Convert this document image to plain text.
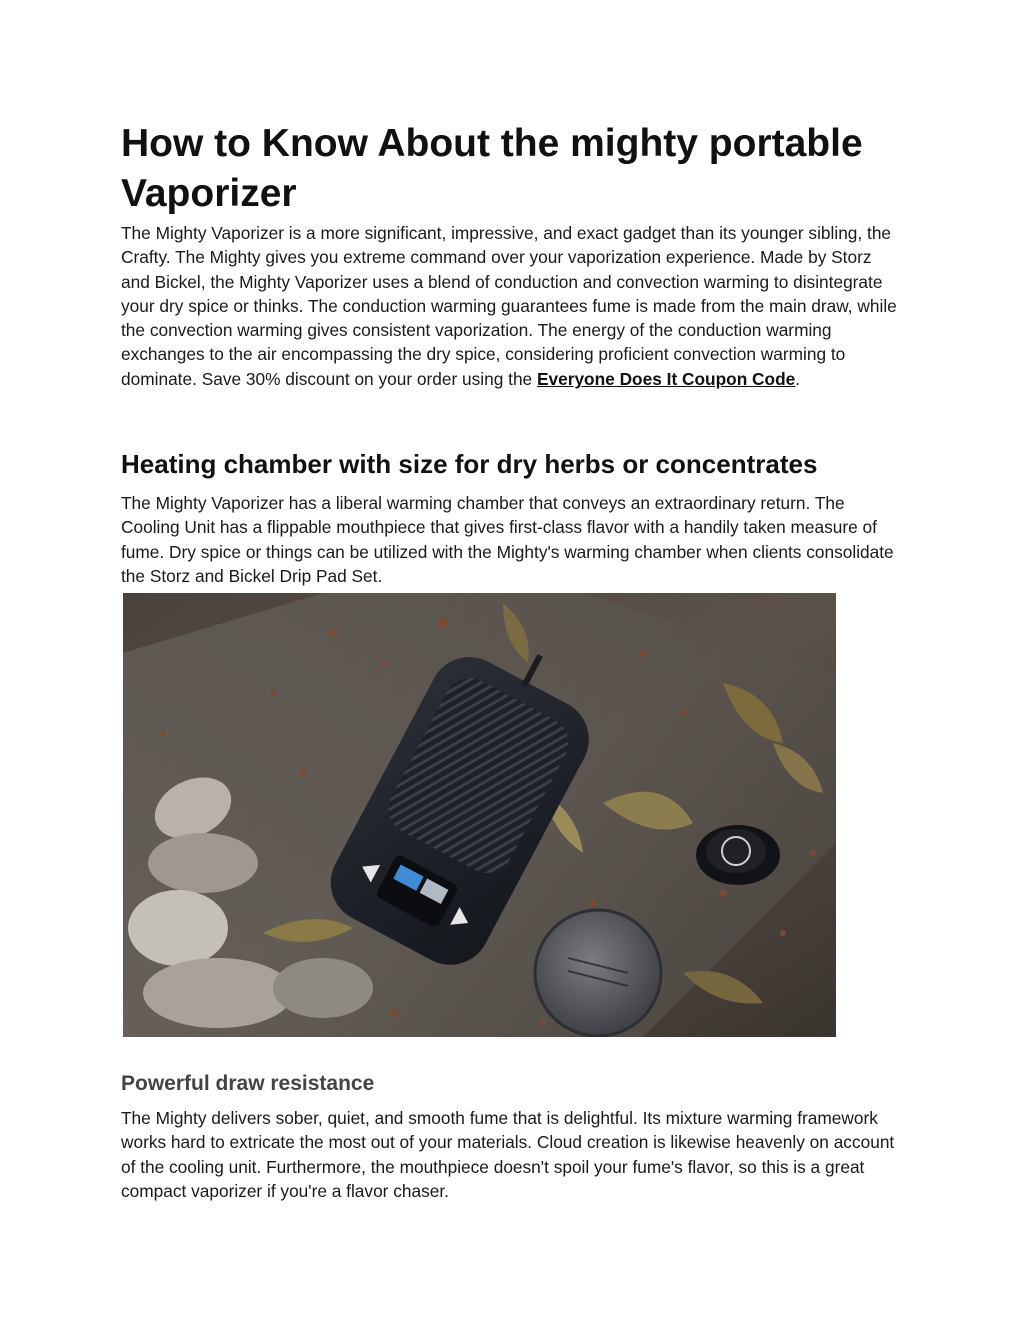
How to Know About the mighty portable Vaporizer

The Mighty Vaporizer is a more significant, impressive, and exact gadget than its younger sibling, the Crafty. The Mighty gives you extreme command over your vaporization experience. Made by Storz and Bickel, the Mighty Vaporizer uses a blend of conduction and convection warming to disintegrate your dry spice or thinks. The conduction warming guarantees fume is made from the main draw, while the convection warming gives consistent vaporization. The energy of the conduction warming exchanges to the air encompassing the dry spice, considering proficient convection warming to dominate. Save 30% discount on your order using the Everyone Does It Coupon Code.

Heating chamber with size for dry herbs or concentrates

The Mighty Vaporizer has a liberal warming chamber that conveys an extraordinary return. The Cooling Unit has a flippable mouthpiece that gives first-class flavor with a handily taken measure of fume. Dry spice or things can be utilized with the Mighty's warming chamber when clients consolidate the Storz and Bickel Drip Pad Set.

Powerful draw resistance

The Mighty delivers sober, quiet, and smooth fume that is delightful. Its mixture warming framework works hard to extricate the most out of your materials. Cloud creation is likewise heavenly on account of the cooling unit. Furthermore, the mouthpiece doesn't spoil your fume's flavor, so this is a great compact vaporizer if you're a flavor chaser.
